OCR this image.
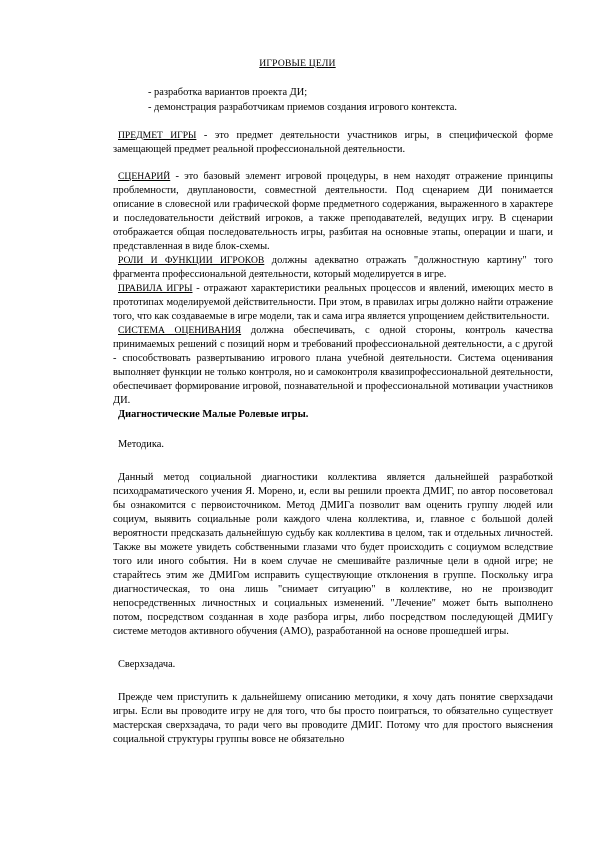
ИГРОВЫЕ ЦЕЛИ
- разработка вариантов проекта ДИ;
- демонстрация разработчикам приемов создания игрового контекста.

ПРЕДМЕТ ИГРЫ - это предмет деятельности участников игры, в специфической форме замещающей предмет реальной профессиональной деятельности.

СЦЕНАРИЙ - это базовый элемент игровой процедуры, в нем находят отражение принципы проблемности, двуплановости, совместной деятельности. Под сценарием ДИ понимается описание в словесной или графической форме предметного содержания, выраженного в характере и последовательности действий игроков, а также преподавателей, ведущих игру. В сценарии отображается общая последовательность игры, разбитая на основные этапы, операции и шаги, и представленная в виде блок-схемы.

РОЛИ И ФУНКЦИИ ИГРОКОВ должны адекватно отражать "должностную картину" того фрагмента профессиональной деятельности, который моделируется в игре.

ПРАВИЛА ИГРЫ - отражают характеристики реальных процессов и явлений, имеющих место в прототипах моделируемой действительности. При этом, в правилах игры должно найти отражение того, что как создаваемые в игре модели, так и сама игра является упрощением действительности.

СИСТЕМА ОЦЕНИВАНИЯ должна обеспечивать, с одной стороны, контроль качества принимаемых решений с позиций норм и требований профессиональной деятельности, а с другой - способствовать развертыванию игрового плана учебной деятельности. Система оценивания выполняет функции не только контроля, но и самоконтроля квазипрофессиональной деятельности, обеспечивает формирование игровой, познавательной и профессиональной мотивации участников ДИ.

Диагностические Малые Ролевые игры.

Методика.

Данный метод социальной диагностики коллектива является дальнейшей разработкой психодраматического учения Я. Морено, и, если вы решили проекта ДМИГ, по автор посоветовал бы ознакомится с первоисточником. Метод ДМИГа позволит вам оценить группу людей или социум, выявить социальные роли каждого члена коллектива, и, главное с большой долей вероятности предсказать дальнейшую судьбу как коллектива в целом, так и отдельных личностей. Также вы можете увидеть собственными глазами что будет происходить с социумом вследствие того или иного события. Ни в коем случае не смешивайте различные цели в одной игре; не старайтесь этим же ДМИГом исправить существующие отклонения в группе. Поскольку игра диагностическая, то она лишь "снимает ситуацию" в коллективе, но не производит непосредственных личностных и социальных изменений. "Лечение" может быть выполнено потом, посредством созданная в ходе разбора игры, либо посредством последующей ДМИГу системе методов активного обучения (АМО), разработанной на основе прошедшей игры.

Сверхзадача.

Прежде чем приступить к дальнейшему описанию методики, я хочу дать понятие сверхзадачи игры. Если вы проводите игру не для того, что бы просто поиграться, то обязательно существует мастерская сверхзадача, то ради чего вы проводите ДМИГ. Потому что для простого выяснения социальной структуры группы вовсе не обязательно
